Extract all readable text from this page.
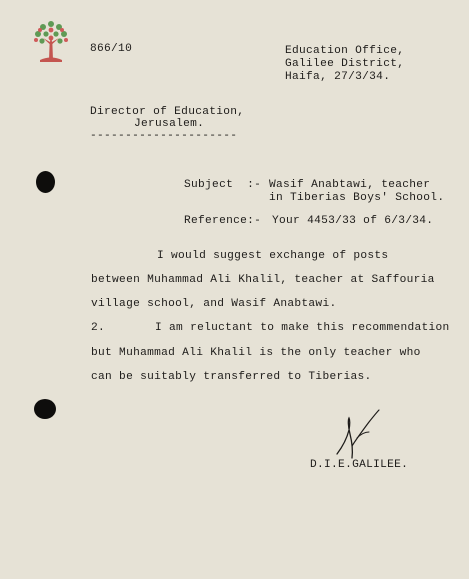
866/10	Education Office,
Galilee District,
Haifa, 27/3/34.
Director of Education,
Jerusalem.
---------------------
Subject  :- Wasif Anabtawi, teacher
in Tiberias Boys' School.
Reference:- Your 4453/33 of 6/3/34.
I would suggest exchange of posts
between Muhammad Ali Khalil, teacher at Saffouria
village school, and Wasif Anabtawi.
2.	I am reluctant to make this recommendation
but Muhammad Ali Khalil is the only teacher who
can be suitably transferred to Tiberias.
D.I.E.GALILEE.
